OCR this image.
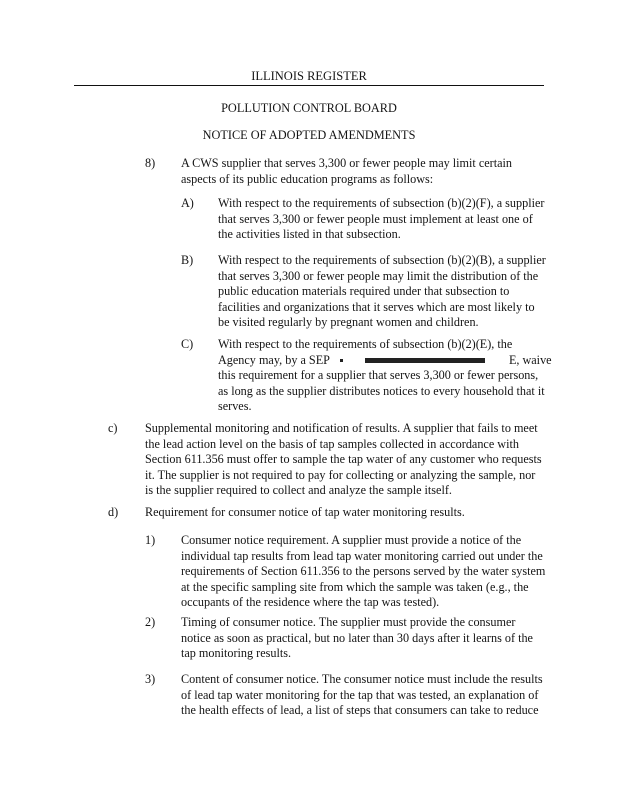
ILLINOIS REGISTER
POLLUTION CONTROL BOARD
NOTICE OF ADOPTED AMENDMENTS
8) A CWS supplier that serves 3,300 or fewer people may limit certain
aspects of its public education programs as follows:
A) With respect to the requirements of subsection (b)(2)(F), a supplier
that serves 3,300 or fewer people must implement at least one of
the activities listed in that subsection.
B) With respect to the requirements of subsection (b)(2)(B), a supplier
that serves 3,300 or fewer people may limit the distribution of the
public education materials required under that subsection to
facilities and organizations that it serves which are most likely to
be visited regularly by pregnant women and children.
C) With respect to the requirements of subsection (b)(2)(E), the
Agency may, by a SEP	E, waive
this requirement for a supplier that serves 3,300 or fewer persons,
as long as the supplier distributes notices to every household that it
serves.
c) Supplemental monitoring and notification of results. A supplier that fails to meet
the lead action level on the basis of tap samples collected in accordance with
Section 611.356 must offer to sample the tap water of any customer who requests
it. The supplier is not required to pay for collecting or analyzing the sample, nor
is the supplier required to collect and analyze the sample itself.
d) Requirement for consumer notice of tap water monitoring results.
1) Consumer notice requirement. A supplier must provide a notice of the
individual tap results from lead tap water monitoring carried out under the
requirements of Section 611.356 to the persons served by the water system
at the specific sampling site from which the sample was taken (e.g., the
occupants of the residence where the tap was tested).
2) Timing of consumer notice. The supplier must provide the consumer
notice as soon as practical, but no later than 30 days after it learns of the
tap monitoring results.
3) Content of consumer notice. The consumer notice must include the results
of lead tap water monitoring for the tap that was tested, an explanation of
the health effects of lead, a list of steps that consumers can take to reduce
